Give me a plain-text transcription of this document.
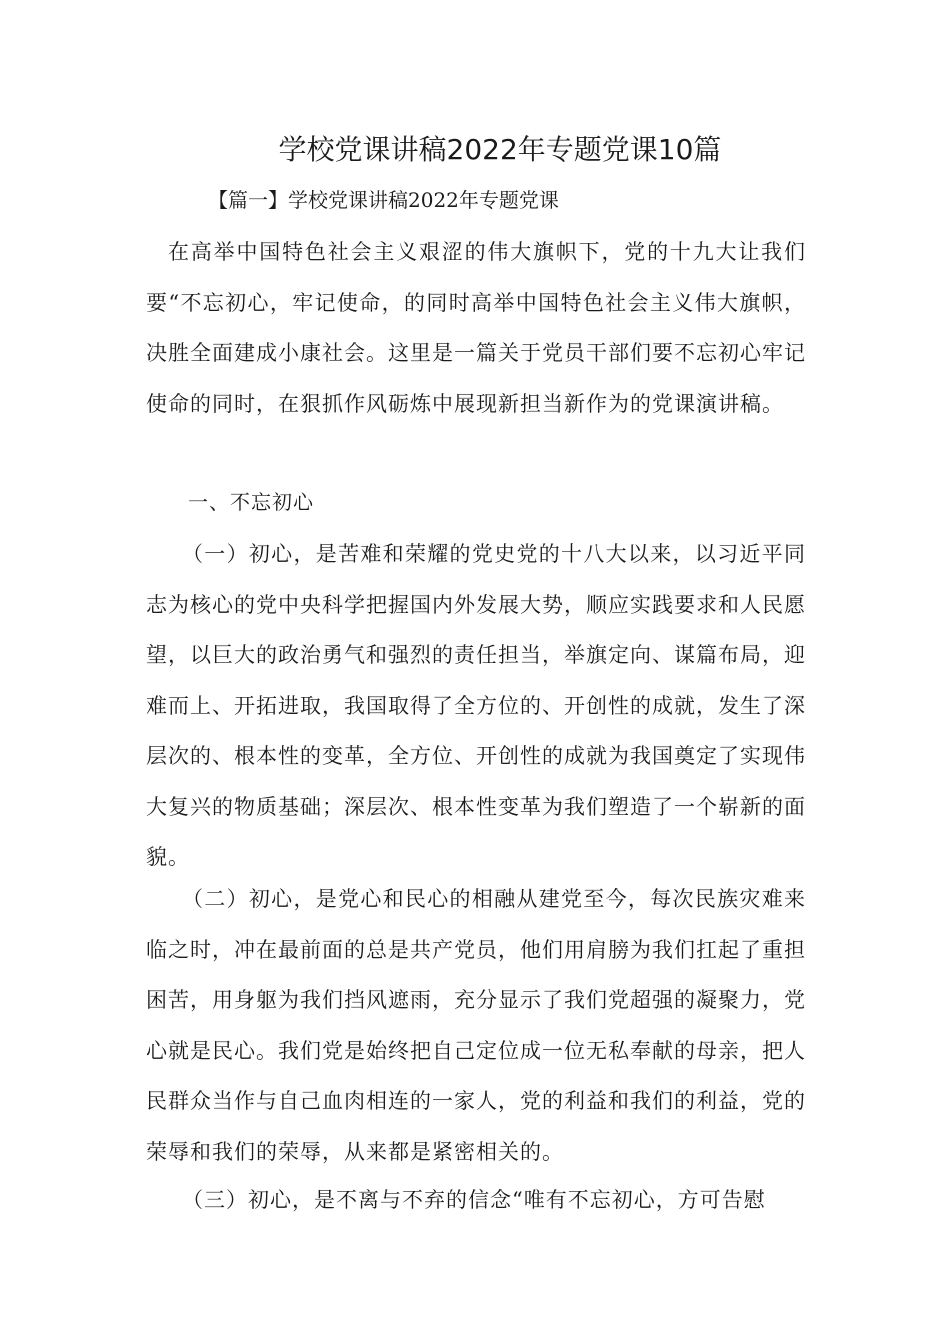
学校党课讲稿2022年专题党课10篇

【篇一】学校党课讲稿2022年专题党课

在高举中国特色社会主义艰涩的伟大旗帜下，党的十九大让我们要“不忘初心，牢记使命，的同时高举中国特色社会主义伟大旗帜，决胜全面建成小康社会。这里是一篇关于党员干部们要不忘初心牢记使命的同时，在狠抓作风砺炼中展现新担当新作为的党课演讲稿。

一、不忘初心

（一）初心，是苦难和荣耀的党史党的十八大以来，以习近平同志为核心的党中央科学把握国内外发展大势，顺应实践要求和人民愿望，以巨大的政治勇气和强烈的责任担当，举旗定向、谋篇布局，迎难而上、开拓进取，我国取得了全方位的、开创性的成就，发生了深层次的、根本性的变革，全方位、开创性的成就为我国奠定了实现伟大复兴的物质基础；深层次、根本性变革为我们塑造了一个崭新的面貌。

（二）初心，是党心和民心的相融从建党至今，每次民族灾难来临之时，冲在最前面的总是共产党员，他们用肩膀为我们扛起了重担困苦，用身躯为我们挡风遮雨，充分显示了我们党超强的凝聚力，党心就是民心。我们党是始终把自己定位成一位无私奉献的母亲，把人民群众当作与自己血肉相连的一家人，党的利益和我们的利益，党的荣辱和我们的荣辱，从来都是紧密相关的。

（三）初心，是不离与不弃的信念“唯有不忘初心，方可告慰
